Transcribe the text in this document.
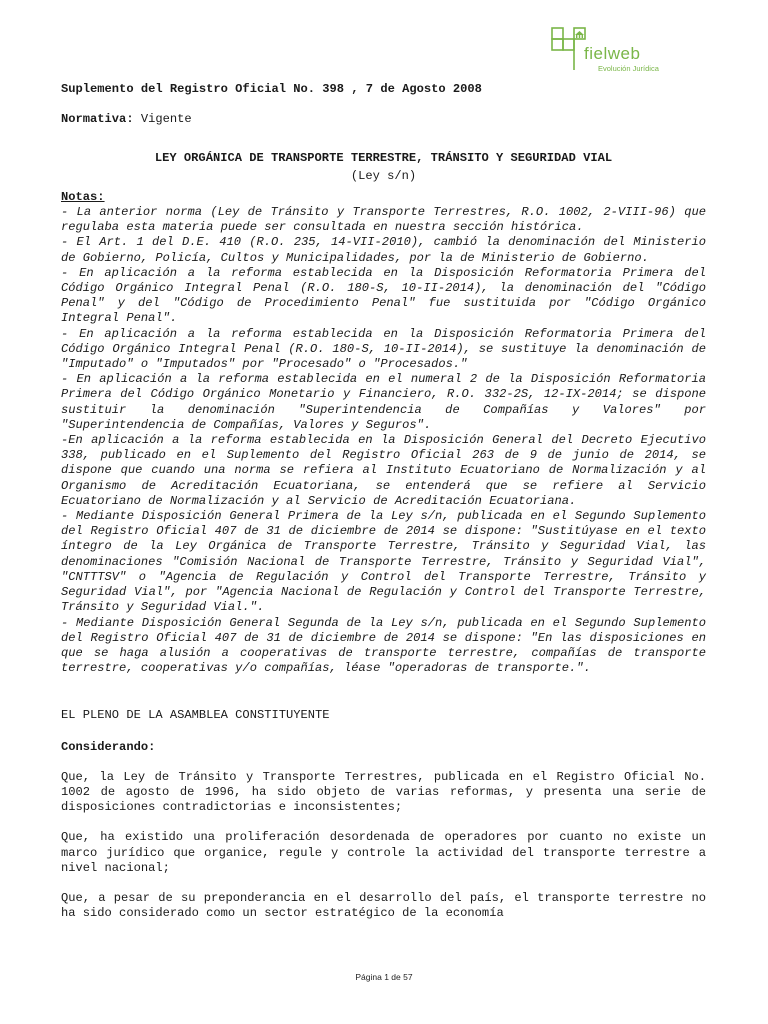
fielweb
Evolución Jurídica

Suplemento del Registro Oficial No. 398 , 7 de Agosto 2008

Normativa: Vigente

LEY ORGÁNICA DE TRANSPORTE TERRESTRE, TRÁNSITO Y SEGURIDAD VIAL

(Ley s/n)

Notas:

- La anterior norma (Ley de Tránsito y Transporte Terrestres, R.O. 1002, 2-VIII-96) que regulaba esta materia puede ser consultada en nuestra sección histórica.

- El Art. 1 del D.E. 410 (R.O. 235, 14-VII-2010), cambió la denominación del Ministerio de Gobierno, Policía, Cultos y Municipalidades, por la de Ministerio de Gobierno.

- En aplicación a la reforma establecida en la Disposición Reformatoria Primera del Código Orgánico Integral Penal (R.O. 180-S, 10-II-2014), la denominación del "Código Penal" y del "Código de Procedimiento Penal" fue sustituida por "Código Orgánico Integral Penal".

- En aplicación a la reforma establecida en la Disposición Reformatoria Primera del Código Orgánico Integral Penal (R.O. 180-S, 10-II-2014), se sustituye la denominación de "Imputado" o "Imputados" por "Procesado" o "Procesados."

- En aplicación a la reforma establecida en el numeral 2 de la Disposición Reformatoria Primera del Código Orgánico Monetario y Financiero, R.O. 332-2S, 12-IX-2014; se dispone sustituir la denominación "Superintendencia de Compañías y Valores" por "Superintendencia de Compañías, Valores y Seguros".

-En aplicación a la reforma establecida en la Disposición General del Decreto Ejecutivo 338, publicado en el Suplemento del Registro Oficial 263 de 9 de junio de 2014, se dispone que cuando una norma se refiera al Instituto Ecuatoriano de Normalización y al Organismo de Acreditación Ecuatoriana, se entenderá que se refiere al Servicio Ecuatoriano de Normalización y al Servicio de Acreditación Ecuatoriana.

- Mediante Disposición General Primera de la Ley s/n, publicada en el Segundo Suplemento del Registro Oficial 407 de 31 de diciembre de 2014 se dispone: "Sustitúyase en el texto íntegro de la Ley Orgánica de Transporte Terrestre, Tránsito y Seguridad Vial, las denominaciones "Comisión Nacional de Transporte Terrestre, Tránsito y Seguridad Vial", "CNTTTSV" o "Agencia de Regulación y Control del Transporte Terrestre, Tránsito y Seguridad Vial", por "Agencia Nacional de Regulación y Control del Transporte Terrestre, Tránsito y Seguridad Vial.".

- Mediante Disposición General Segunda de la Ley s/n, publicada en el Segundo Suplemento del Registro Oficial 407 de 31 de diciembre de 2014 se dispone: "En las disposiciones en que se haga alusión a cooperativas de transporte terrestre, compañías de transporte terrestre, cooperativas y/o compañías, léase "operadoras de transporte.".

EL PLENO DE LA ASAMBLEA CONSTITUYENTE

Considerando:

Que, la Ley de Tránsito y Transporte Terrestres, publicada en el Registro Oficial No. 1002 de agosto de 1996, ha sido objeto de varias reformas, y presenta una serie de disposiciones contradictorias e inconsistentes;

Que, ha existido una proliferación desordenada de operadores por cuanto no existe un marco jurídico que organice, regule y controle la actividad del transporte terrestre a nivel nacional;

Que, a pesar de su preponderancia en el desarrollo del país, el transporte terrestre no ha sido considerado como un sector estratégico de la economía

Página 1 de 57
